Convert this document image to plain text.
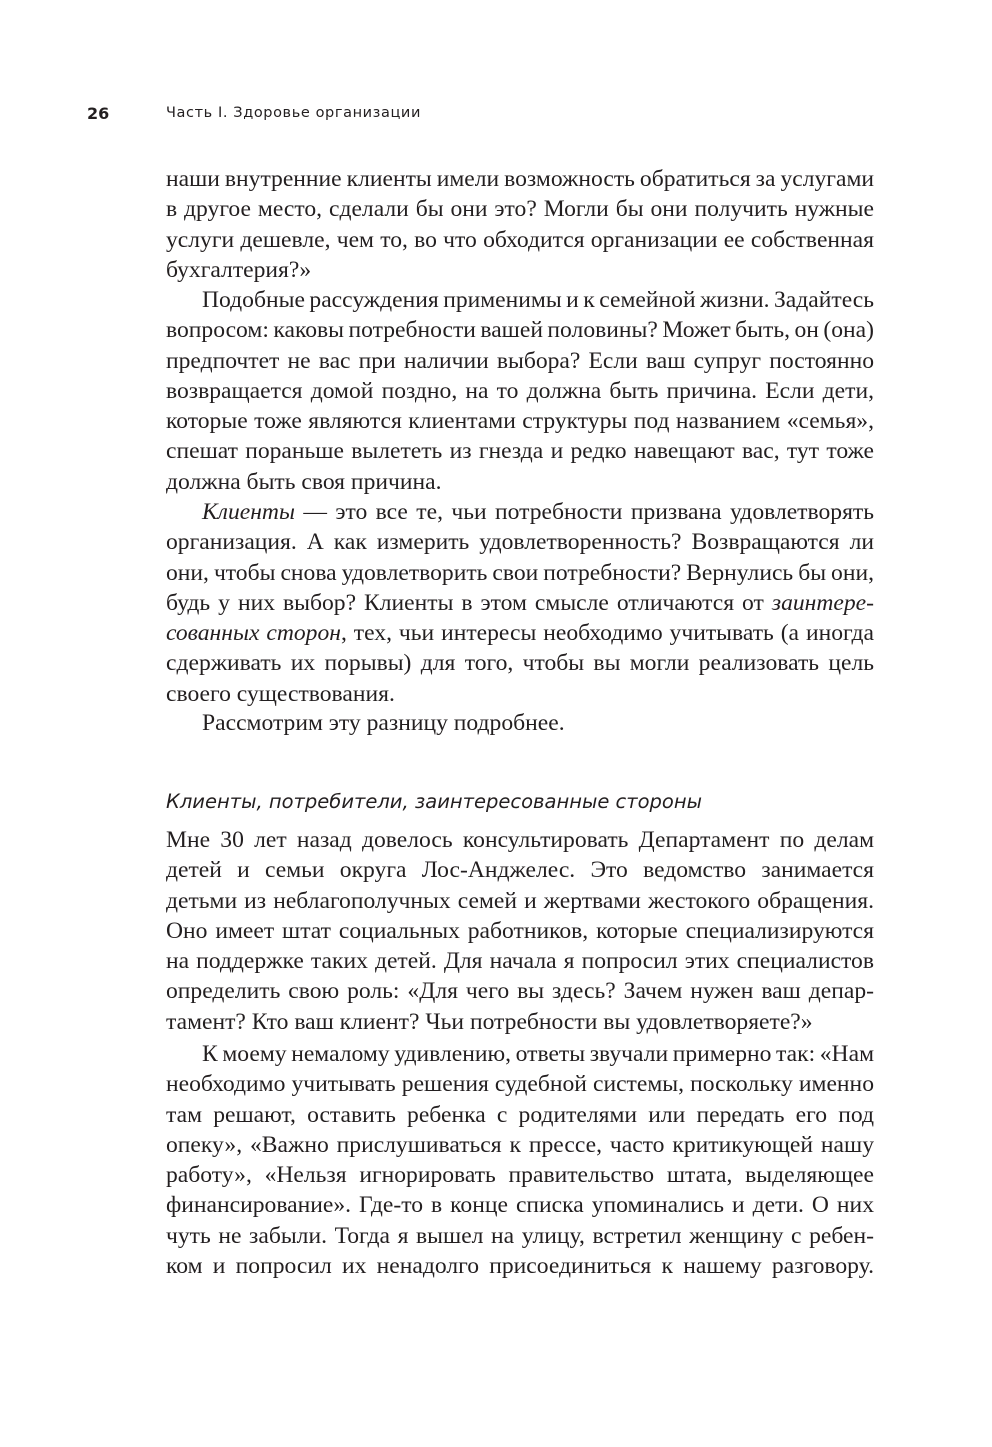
26	Часть I. Здоровье организации
наши внутренние клиенты имели возможность обратиться за услугами
в другое место, сделали бы они это? Могли бы они получить нужные
услуги дешевле, чем то, во что обходится организации ее собственная
бухгалтерия?»
Подобные рассуждения применимы и к семейной жизни. Задайтесь
вопросом: каковы потребности вашей половины? Может быть, он (она)
предпочтет не вас при наличии выбора? Если ваш супруг постоянно
возвращается домой поздно, на то должна быть причина. Если дети,
которые тоже являются клиентами структуры под названием «семья»,
спешат пораньше вылететь из гнезда и редко навещают вас, тут тоже
должна быть своя причина.
Клиенты — это все те, чьи потребности призвана удовлетворять
организация. А как измерить удовлетворенность? Возвращаются ли
они, чтобы снова удовлетворить свои потребности? Вернулись бы они,
будь у них выбор? Клиенты в этом смысле отличаются от заинтере-
сованных сторон, тех, чьи интересы необходимо учитывать (а иногда
сдерживать их порывы) для того, чтобы вы могли реализовать цель
своего существования.
Рассмотрим эту разницу подробнее.
Клиенты, потребители, заинтересованные стороны
Мне 30 лет назад довелось консультировать Департамент по делам
детей и семьи округа Лос-Анджелес. Это ведомство занимается
детьми из неблагополучных семей и жертвами жестокого обращения.
Оно имеет штат социальных работников, которые специализируются
на поддержке таких детей. Для начала я попросил этих специалистов
определить свою роль: «Для чего вы здесь? Зачем нужен ваш депар-
тамент? Кто ваш клиент? Чьи потребности вы удовлетворяете?»
К моему немалому удивлению, ответы звучали примерно так: «Нам
необходимо учитывать решения судебной системы, поскольку именно
там решают, оставить ребенка с родителями или передать его под
опеку», «Важно прислушиваться к прессе, часто критикующей нашу
работу», «Нельзя игнорировать правительство штата, выделяющее
финансирование». Где-то в конце списка упоминались и дети. О них
чуть не забыли. Тогда я вышел на улицу, встретил женщину с ребен-
ком и попросил их ненадолго присоединиться к нашему разговору.
